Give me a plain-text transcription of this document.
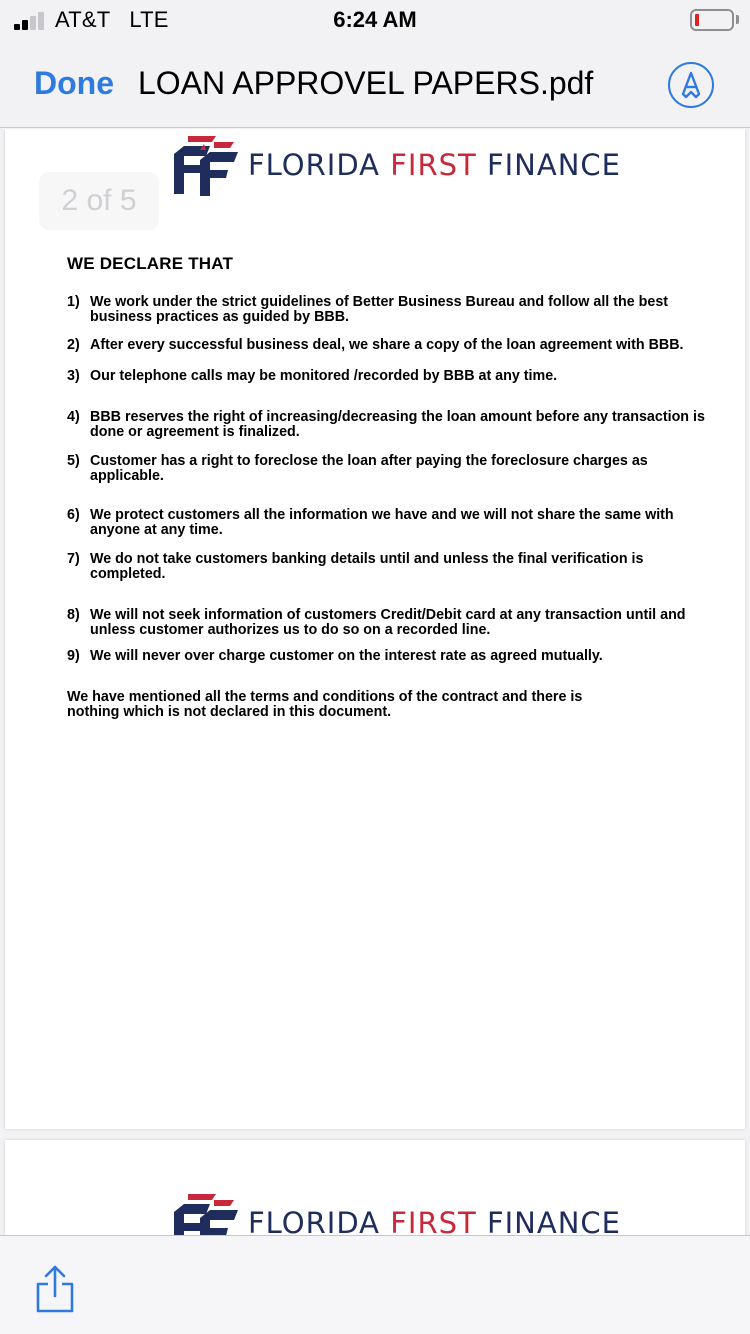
AT&T LTE	6:24 AM
Done LOAN APPROVEL PAPERS.pdf
FLORIDA FIRST FINANCE
WE DECLARE THAT
1) We work under the strict guidelines of Better Business Bureau and follow all the best business practices as guided by BBB.
2) After every successful business deal, we share a copy of the loan agreement with BBB.
3) Our telephone calls may be monitored /recorded by BBB at any time.
4) BBB reserves the right of increasing/decreasing the loan amount before any transaction is done or agreement is finalized.
5) Customer has a right to foreclose the loan after paying the foreclosure charges as applicable.
6) We protect customers all the information we have and we will not share the same with anyone at any time.
7) We do not take customers banking details until and unless the final verification is completed.
8) We will not seek information of customers Credit/Debit card at any transaction until and unless customer authorizes us to do so on a recorded line.
9) We will never over charge customer on the interest rate as agreed mutually.
We have mentioned all the terms and conditions of the contract and there is nothing which is not declared in this document.
FLORIDA FIRST FINANCE
2 of 5
